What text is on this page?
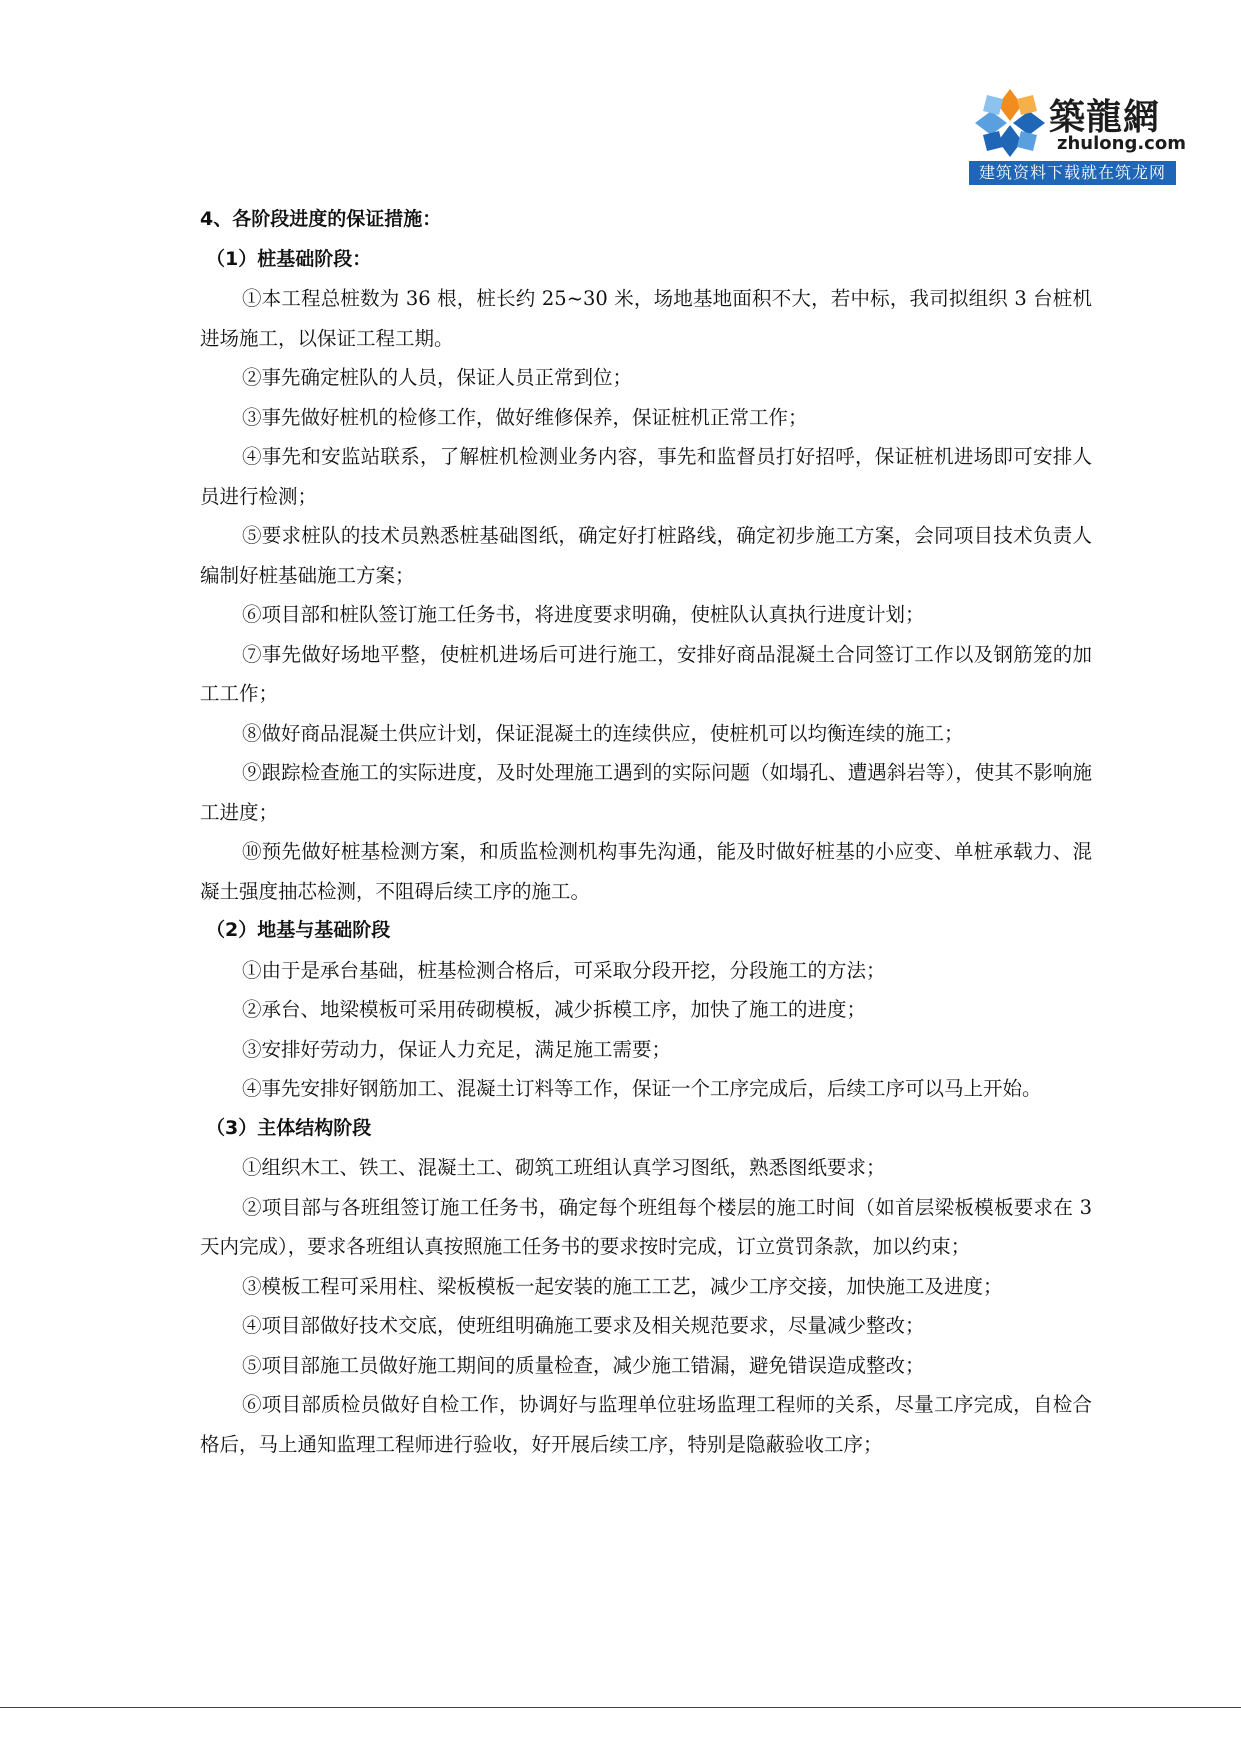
築龍網
zhulong.com
建筑资料下载就在筑龙网
4、各阶段进度的保证措施：
（1）桩基础阶段：
①本工程总桩数为 36 根，桩长约 25~30 米，场地基地面积不大，若中标，我司拟组织 3 台桩机进场施工，以保证工程工期。
②事先确定桩队的人员，保证人员正常到位；
③事先做好桩机的检修工作，做好维修保养，保证桩机正常工作；
④事先和安监站联系，了解桩机检测业务内容，事先和监督员打好招呼，保证桩机进场即可安排人员进行检测；
⑤要求桩队的技术员熟悉桩基础图纸，确定好打桩路线，确定初步施工方案，会同项目技术负责人编制好桩基础施工方案；
⑥项目部和桩队签订施工任务书，将进度要求明确，使桩队认真执行进度计划；
⑦事先做好场地平整，使桩机进场后可进行施工，安排好商品混凝土合同签订工作以及钢筋笼的加工工作；
⑧做好商品混凝土供应计划，保证混凝土的连续供应，使桩机可以均衡连续的施工；
⑨跟踪检查施工的实际进度，及时处理施工遇到的实际问题（如塌孔、遭遇斜岩等），使其不影响施工进度；
⑩预先做好桩基检测方案，和质监检测机构事先沟通，能及时做好桩基的小应变、单桩承载力、混凝土强度抽芯检测，不阻碍后续工序的施工。
（2）地基与基础阶段
①由于是承台基础，桩基检测合格后，可采取分段开挖，分段施工的方法；
②承台、地梁模板可采用砖砌模板，减少拆模工序，加快了施工的进度；
③安排好劳动力，保证人力充足，满足施工需要；
④事先安排好钢筋加工、混凝土订料等工作，保证一个工序完成后，后续工序可以马上开始。
（3）主体结构阶段
①组织木工、铁工、混凝土工、砌筑工班组认真学习图纸，熟悉图纸要求；
②项目部与各班组签订施工任务书，确定每个班组每个楼层的施工时间（如首层梁板模板要求在 3 天内完成），要求各班组认真按照施工任务书的要求按时完成，订立赏罚条款，加以约束；
③模板工程可采用柱、梁板模板一起安装的施工工艺，减少工序交接，加快施工及进度；
④项目部做好技术交底，使班组明确施工要求及相关规范要求，尽量减少整改；
⑤项目部施工员做好施工期间的质量检查，减少施工错漏，避免错误造成整改；
⑥项目部质检员做好自检工作，协调好与监理单位驻场监理工程师的关系，尽量工序完成，自检合格后，马上通知监理工程师进行验收，好开展后续工序，特别是隐蔽验收工序；
